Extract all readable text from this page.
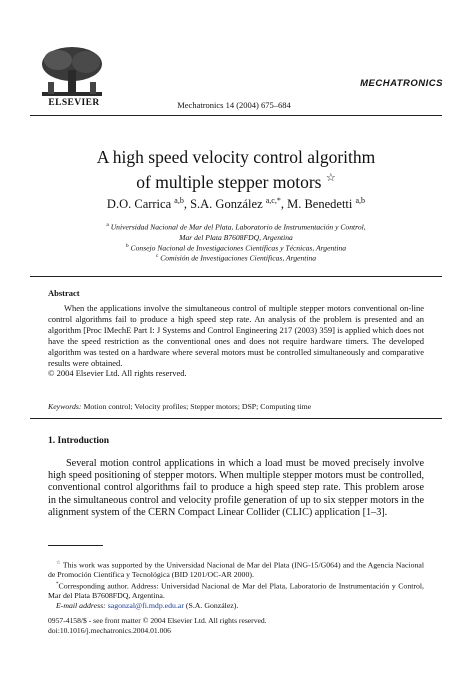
ELSEVIER
MECHATRONICS
Mechatronics 14 (2004) 675–684
A high speed velocity control algorithm
of multiple stepper motors ☆
D.O. Carrica $^{a,b}$, S.A. González $^{a,c,*}$, M. Benedetti $^{a,b}$
$^a$ Universidad Nacional de Mar del Plata, Laboratorio de Instrumentación y Control,
Mar del Plata B7608FDQ, Argentina
$^b$ Consejo Nacional de Investigaciones Científicas y Técnicas, Argentina
$^c$ Comisión de Investigaciones Científicas, Argentina
Abstract

When the applications involve the simultaneous control of multiple stepper motors conventional on-line control algorithms fail to produce a high speed step rate. An analysis of the problem is presented and an algorithm [Proc IMechE Part I: J Systems and Control Engineering 217 (2003) 359] is applied which does not have the speed restriction as the conventional ones and does not require hardware timers. The developed algorithm was tested on a hardware where several motors must be controlled simultaneously and comparative results were obtained.

© 2004 Elsevier Ltd. All rights reserved.

Keywords: Motion control; Velocity profiles; Stepper motors; DSP; Computing time
1. Introduction

Several motion control applications in which a load must be moved precisely involve high speed positioning of stepper motors. When multiple stepper motors must be controlled, conventional control algorithms fail to produce a high speed step rate. This problem arose in the simultaneous control and velocity profile generation of up to six stepper motors in the alignment system of the CERN Compact Linear Collider (CLIC) application [1–3].

☆ This work was supported by the Universidad Nacional de Mar del Plata (ING-15/G064) and the Agencia Nacional de Promoción Científica y Tecnológica (BID 1201/OC-AR 2000).

*Corresponding author. Address: Universidad Nacional de Mar del Plata, Laboratorio de Instrumentación y Control, Mar del Plata B7608FDQ, Argentina.

E-mail address: sagonzal@fi.mdp.edu.ar (S.A. González).

0957-4158/$ - see front matter © 2004 Elsevier Ltd. All rights reserved.
doi:10.1016/j.mechatronics.2004.01.006
